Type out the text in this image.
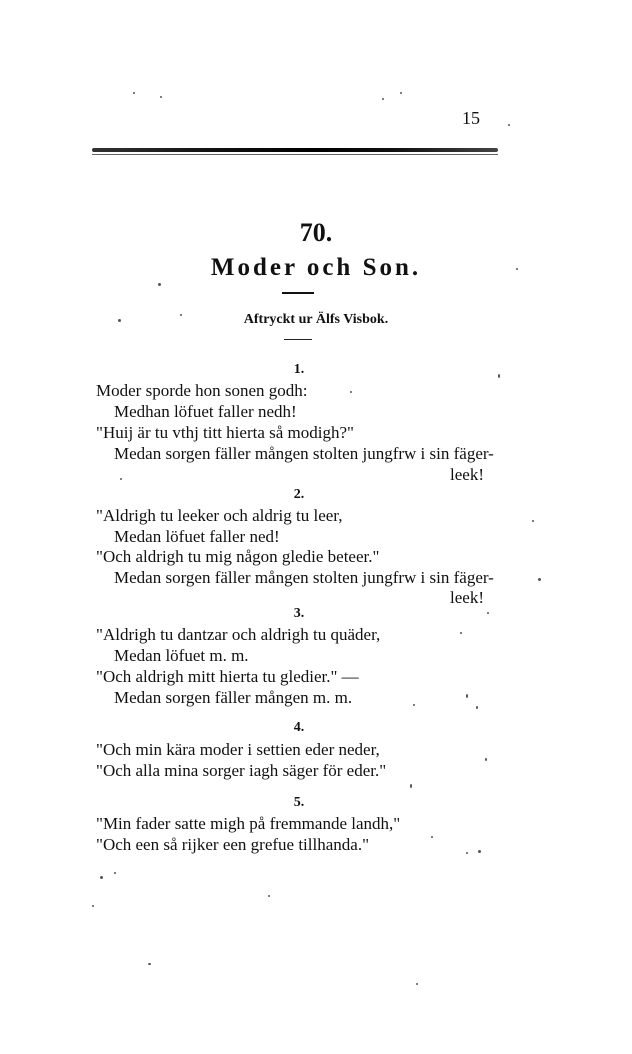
15
70.
Moder och Son.
Aftryckt ur Älfs Visbok.
1.
Moder sporde hon sonen godh:
Medhan löfuet faller nedh!
"Huij är tu vthj titt hierta så modigh?"
Medan sorgen fäller mången stolten jungfrw i sin fäger-
leek!
2.
"Aldrigh tu leeker och aldrig tu leer,
Medan löfuet faller ned!
"Och aldrigh tu mig någon gledie beteer."
Medan sorgen fäller mången stolten jungfrw i sin fäger-
leek!
3.
"Aldrigh tu dantzar och aldrigh tu quäder,
Medan löfuet m. m.
"Och aldrigh mitt hierta tu gledier." —
Medan sorgen fäller mången m. m.
4.
"Och min kära moder i settien eder neder,
"Och alla mina sorger iagh säger för eder."
5.
"Min fader satte migh på fremmande landh,"
"Och een så rijker een grefue tillhanda."
